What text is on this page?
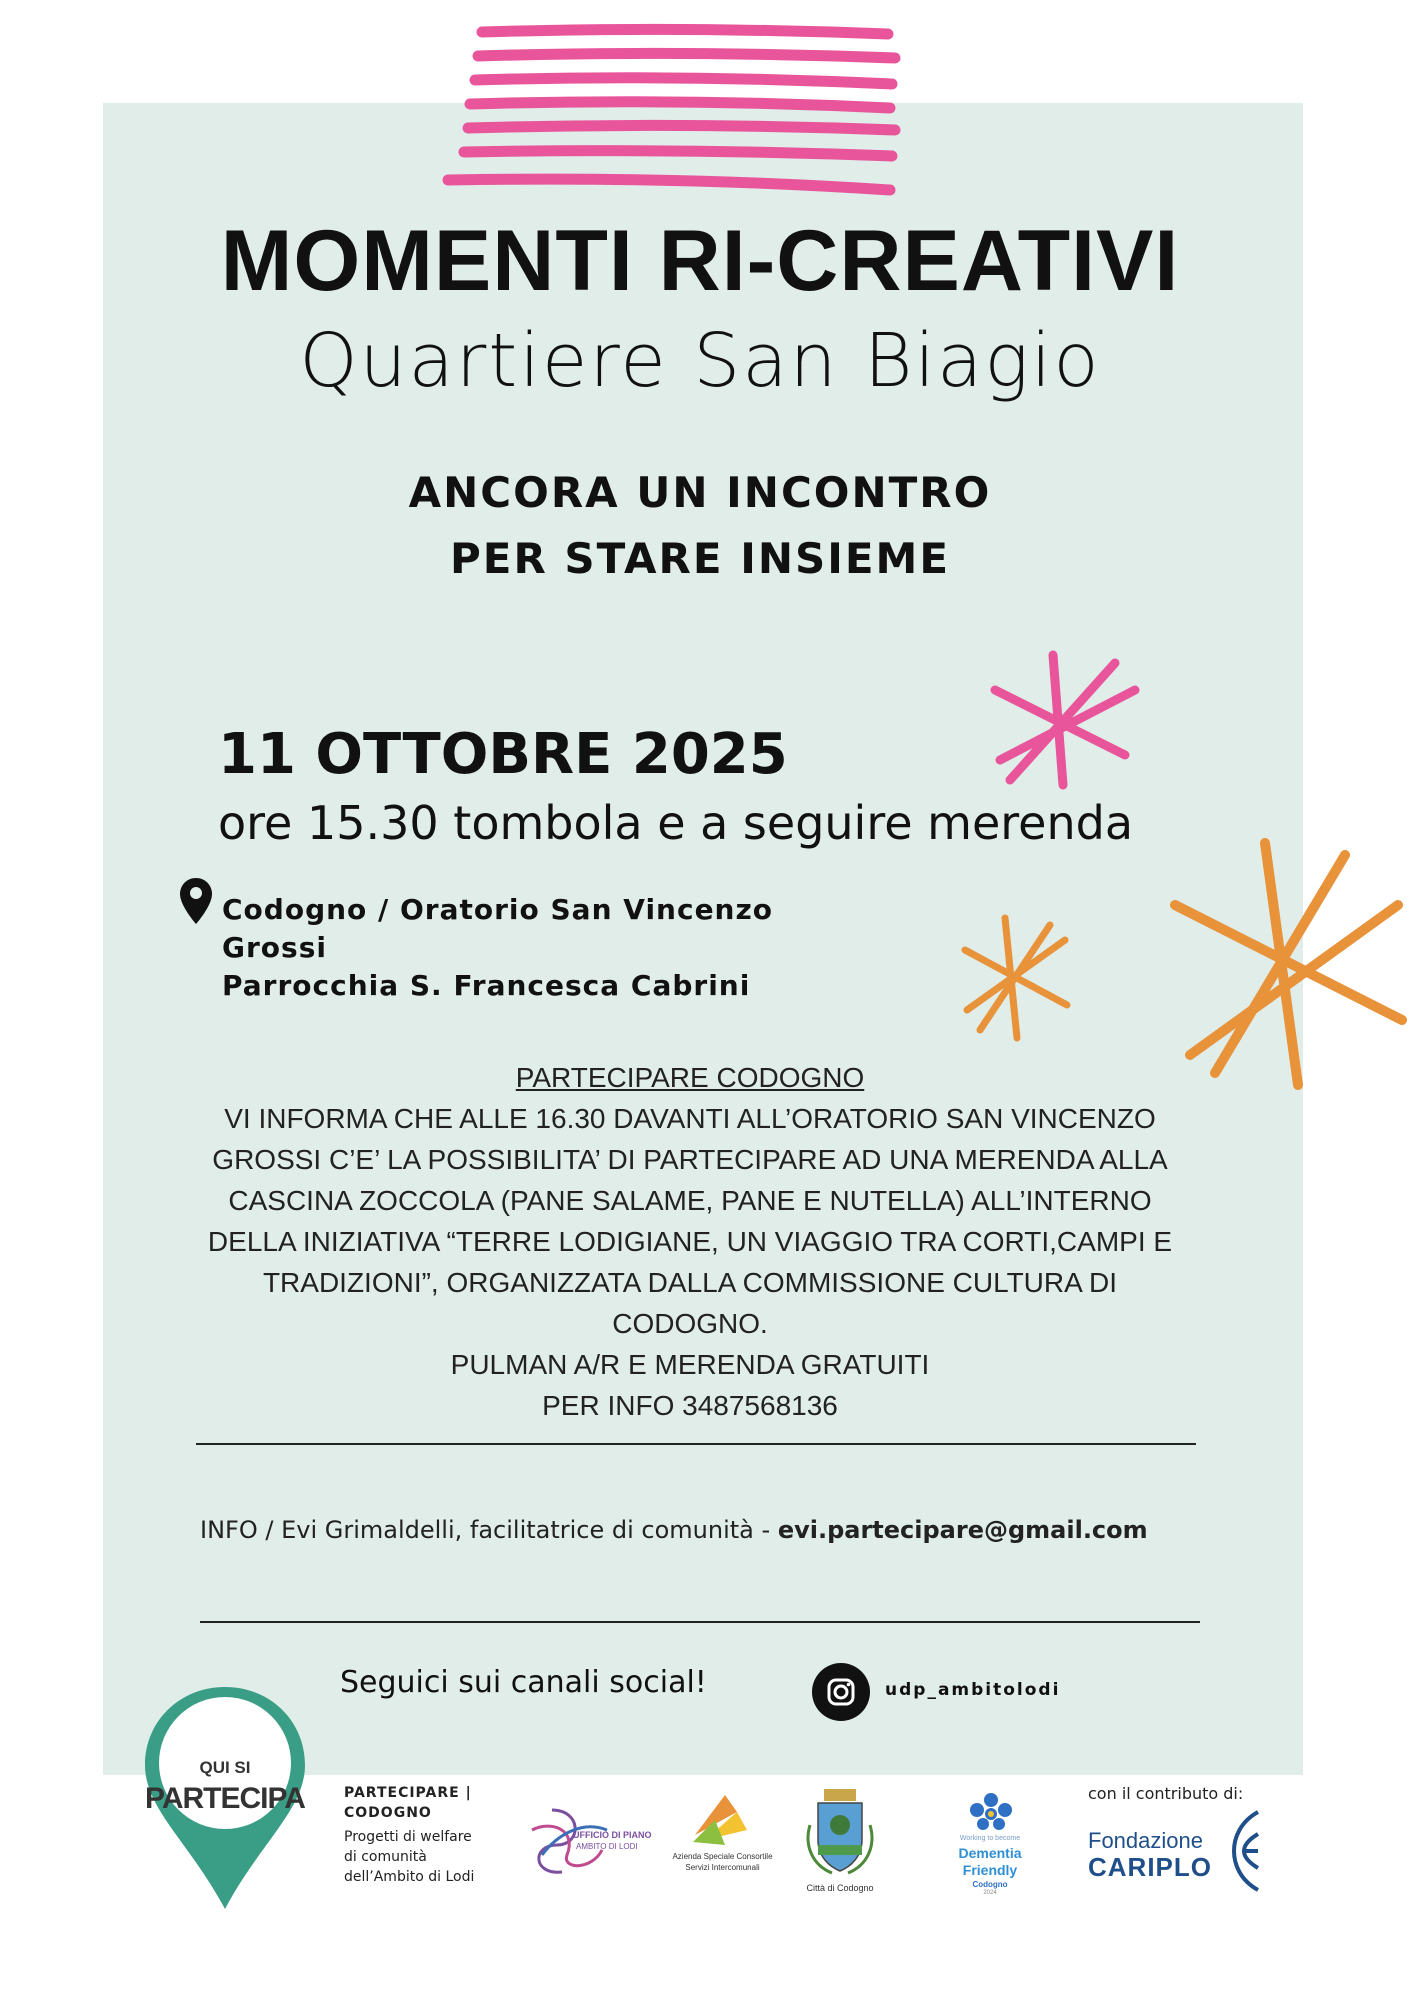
MOMENTI RI-CREATIVI
Quartiere San Biagio
ANCORA UN INCONTRO
PER STARE INSIEME
11 OTTOBRE 2025
ore 15.30 tombola e a seguire merenda
Codogno / Oratorio San Vincenzo
Grossi
Parrocchia S. Francesca Cabrini
PARTECIPARE CODOGNO
VI INFORMA CHE ALLE 16.30 DAVANTI ALL’ORATORIO SAN VINCENZO
GROSSI C’E’ LA POSSIBILITA’ DI PARTECIPARE AD UNA MERENDA ALLA
CASCINA ZOCCOLA (PANE SALAME, PANE E NUTELLA) ALL’INTERNO
DELLA INIZIATIVA “TERRE LODIGIANE, UN VIAGGIO TRA CORTI,CAMPI E
TRADIZIONI”, ORGANIZZATA DALLA COMMISSIONE CULTURA DI
CODOGNO.
PULMAN A/R E MERENDA GRATUITI
PER INFO 3487568136
INFO / Evi Grimaldelli, facilitatrice di comunità - evi.partecipare@gmail.com
Seguici sui canali social!	udp_ambitolodi
QUI SI
PARTECIPA	PARTECIPARE |
CODOGNO
Progetti di welfare
di comunità
dell’Ambito di Lodi
UFFICIO DI PIANO
AMBITO DI LODI
Azienda Speciale Consortile
Servizi Intercomunali
Città di Codogno
Working to become
Dementia
Friendly
Codogno
2024
con il contributo di:
Fondazione
CARIPLO
